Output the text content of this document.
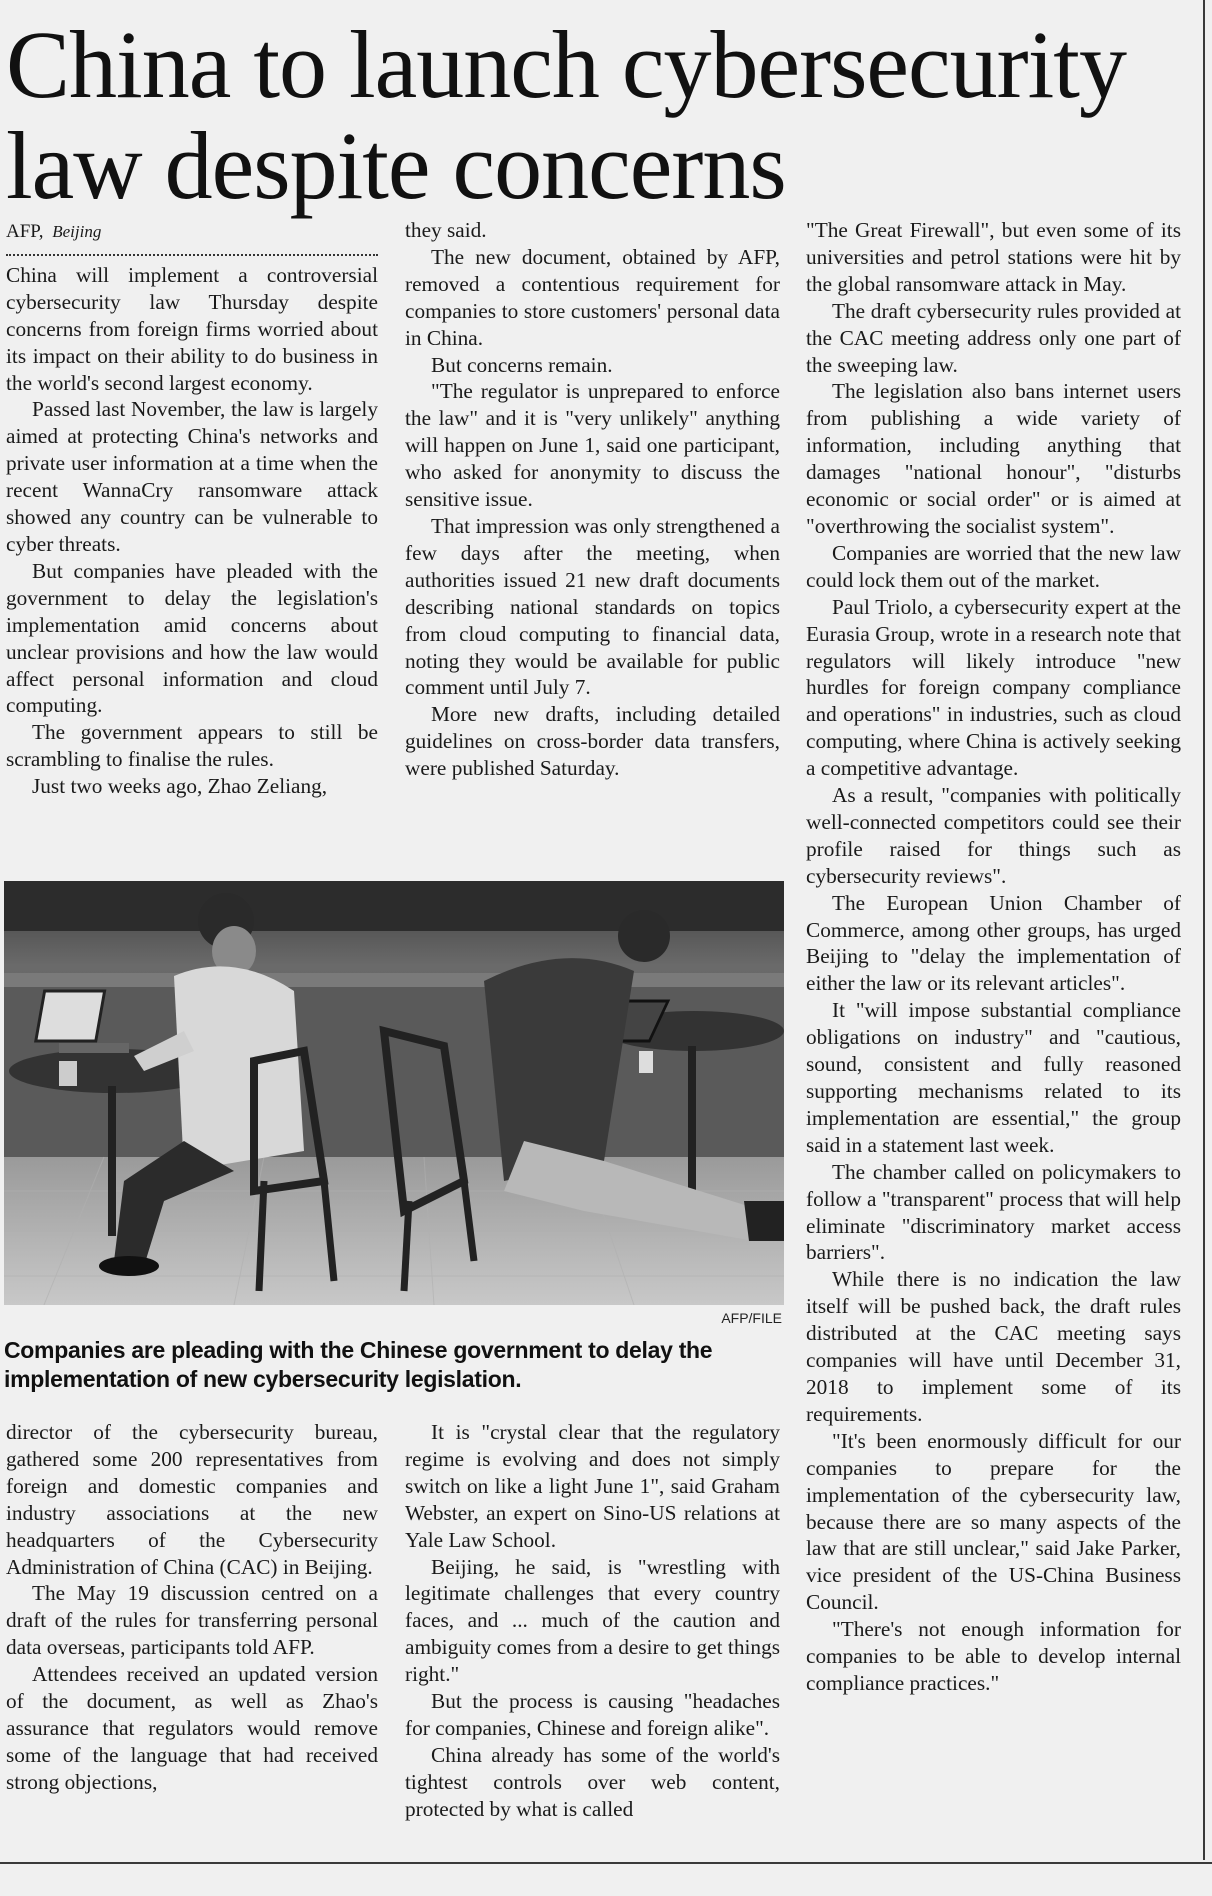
China to launch cybersecurity law despite concerns
AFP, Beijing

China will implement a controversial cybersecurity law Thursday despite concerns from foreign firms worried about its impact on their ability to do business in the world's second largest economy.

Passed last November, the law is largely aimed at protecting China's networks and private user information at a time when the recent WannaCry ransomware attack showed any country can be vulnerable to cyber threats.

But companies have pleaded with the government to delay the legislation's implementation amid concerns about unclear provisions and how the law would affect personal information and cloud computing.

The government appears to still be scrambling to finalise the rules.

Just two weeks ago, Zhao Zeliang,

they said.

The new document, obtained by AFP, removed a contentious requirement for companies to store customers' personal data in China.

But concerns remain.

"The regulator is unprepared to enforce the law" and it is "very unlikely" anything will happen on June 1, said one participant, who asked for anonymity to discuss the sensitive issue.

That impression was only strengthened a few days after the meeting, when authorities issued 21 new draft documents describing national standards on topics from cloud computing to financial data, noting they would be available for public comment until July 7.

More new drafts, including detailed guidelines on cross-border data transfers, were published Saturday.

"The Great Firewall", but even some of its universities and petrol stations were hit by the global ransomware attack in May.

The draft cybersecurity rules provided at the CAC meeting address only one part of the sweeping law.

The legislation also bans internet users from publishing a wide variety of information, including anything that damages "national honour", "disturbs economic or social order" or is aimed at "overthrowing the socialist system".

Companies are worried that the new law could lock them out of the market.

Paul Triolo, a cybersecurity expert at the Eurasia Group, wrote in a research note that regulators will likely introduce "new hurdles for foreign company compliance and operations" in industries, such as cloud computing, where China is actively seeking a competitive advantage.

As a result, "companies with politically well-connected competitors could see their profile raised for things such as cybersecurity reviews".

The European Union Chamber of Commerce, among other groups, has urged Beijing to "delay the implementation of either the law or its relevant articles".

It "will impose substantial compliance obligations on industry" and "cautious, sound, consistent and fully reasoned supporting mechanisms related to its implementation are essential," the group said in a statement last week.

The chamber called on policymakers to follow a "transparent" process that will help eliminate "discriminatory market access barriers".

While there is no indication the law itself will be pushed back, the draft rules distributed at the CAC meeting says companies will have until December 31, 2018 to implement some of its requirements.

"It's been enormously difficult for our companies to prepare for the implementation of the cybersecurity law, because there are so many aspects of the law that are still unclear," said Jake Parker, vice president of the US-China Business Council.

"There's not enough information for companies to be able to develop internal compliance practices."

AFP/FILE

Companies are pleading with the Chinese government to delay the implementation of new cybersecurity legislation.

director of the cybersecurity bureau, gathered some 200 representatives from foreign and domestic companies and industry associations at the new headquarters of the Cybersecurity Administration of China (CAC) in Beijing.

The May 19 discussion centred on a draft of the rules for transferring personal data overseas, participants told AFP.

Attendees received an updated version of the document, as well as Zhao's assurance that regulators would remove some of the language that had received strong objections,

It is "crystal clear that the regulatory regime is evolving and does not simply switch on like a light June 1", said Graham Webster, an expert on Sino-US relations at Yale Law School.

Beijing, he said, is "wrestling with legitimate challenges that every country faces, and ... much of the caution and ambiguity comes from a desire to get things right."

But the process is causing "headaches for companies, Chinese and foreign alike".

China already has some of the world's tightest controls over web content, protected by what is called
